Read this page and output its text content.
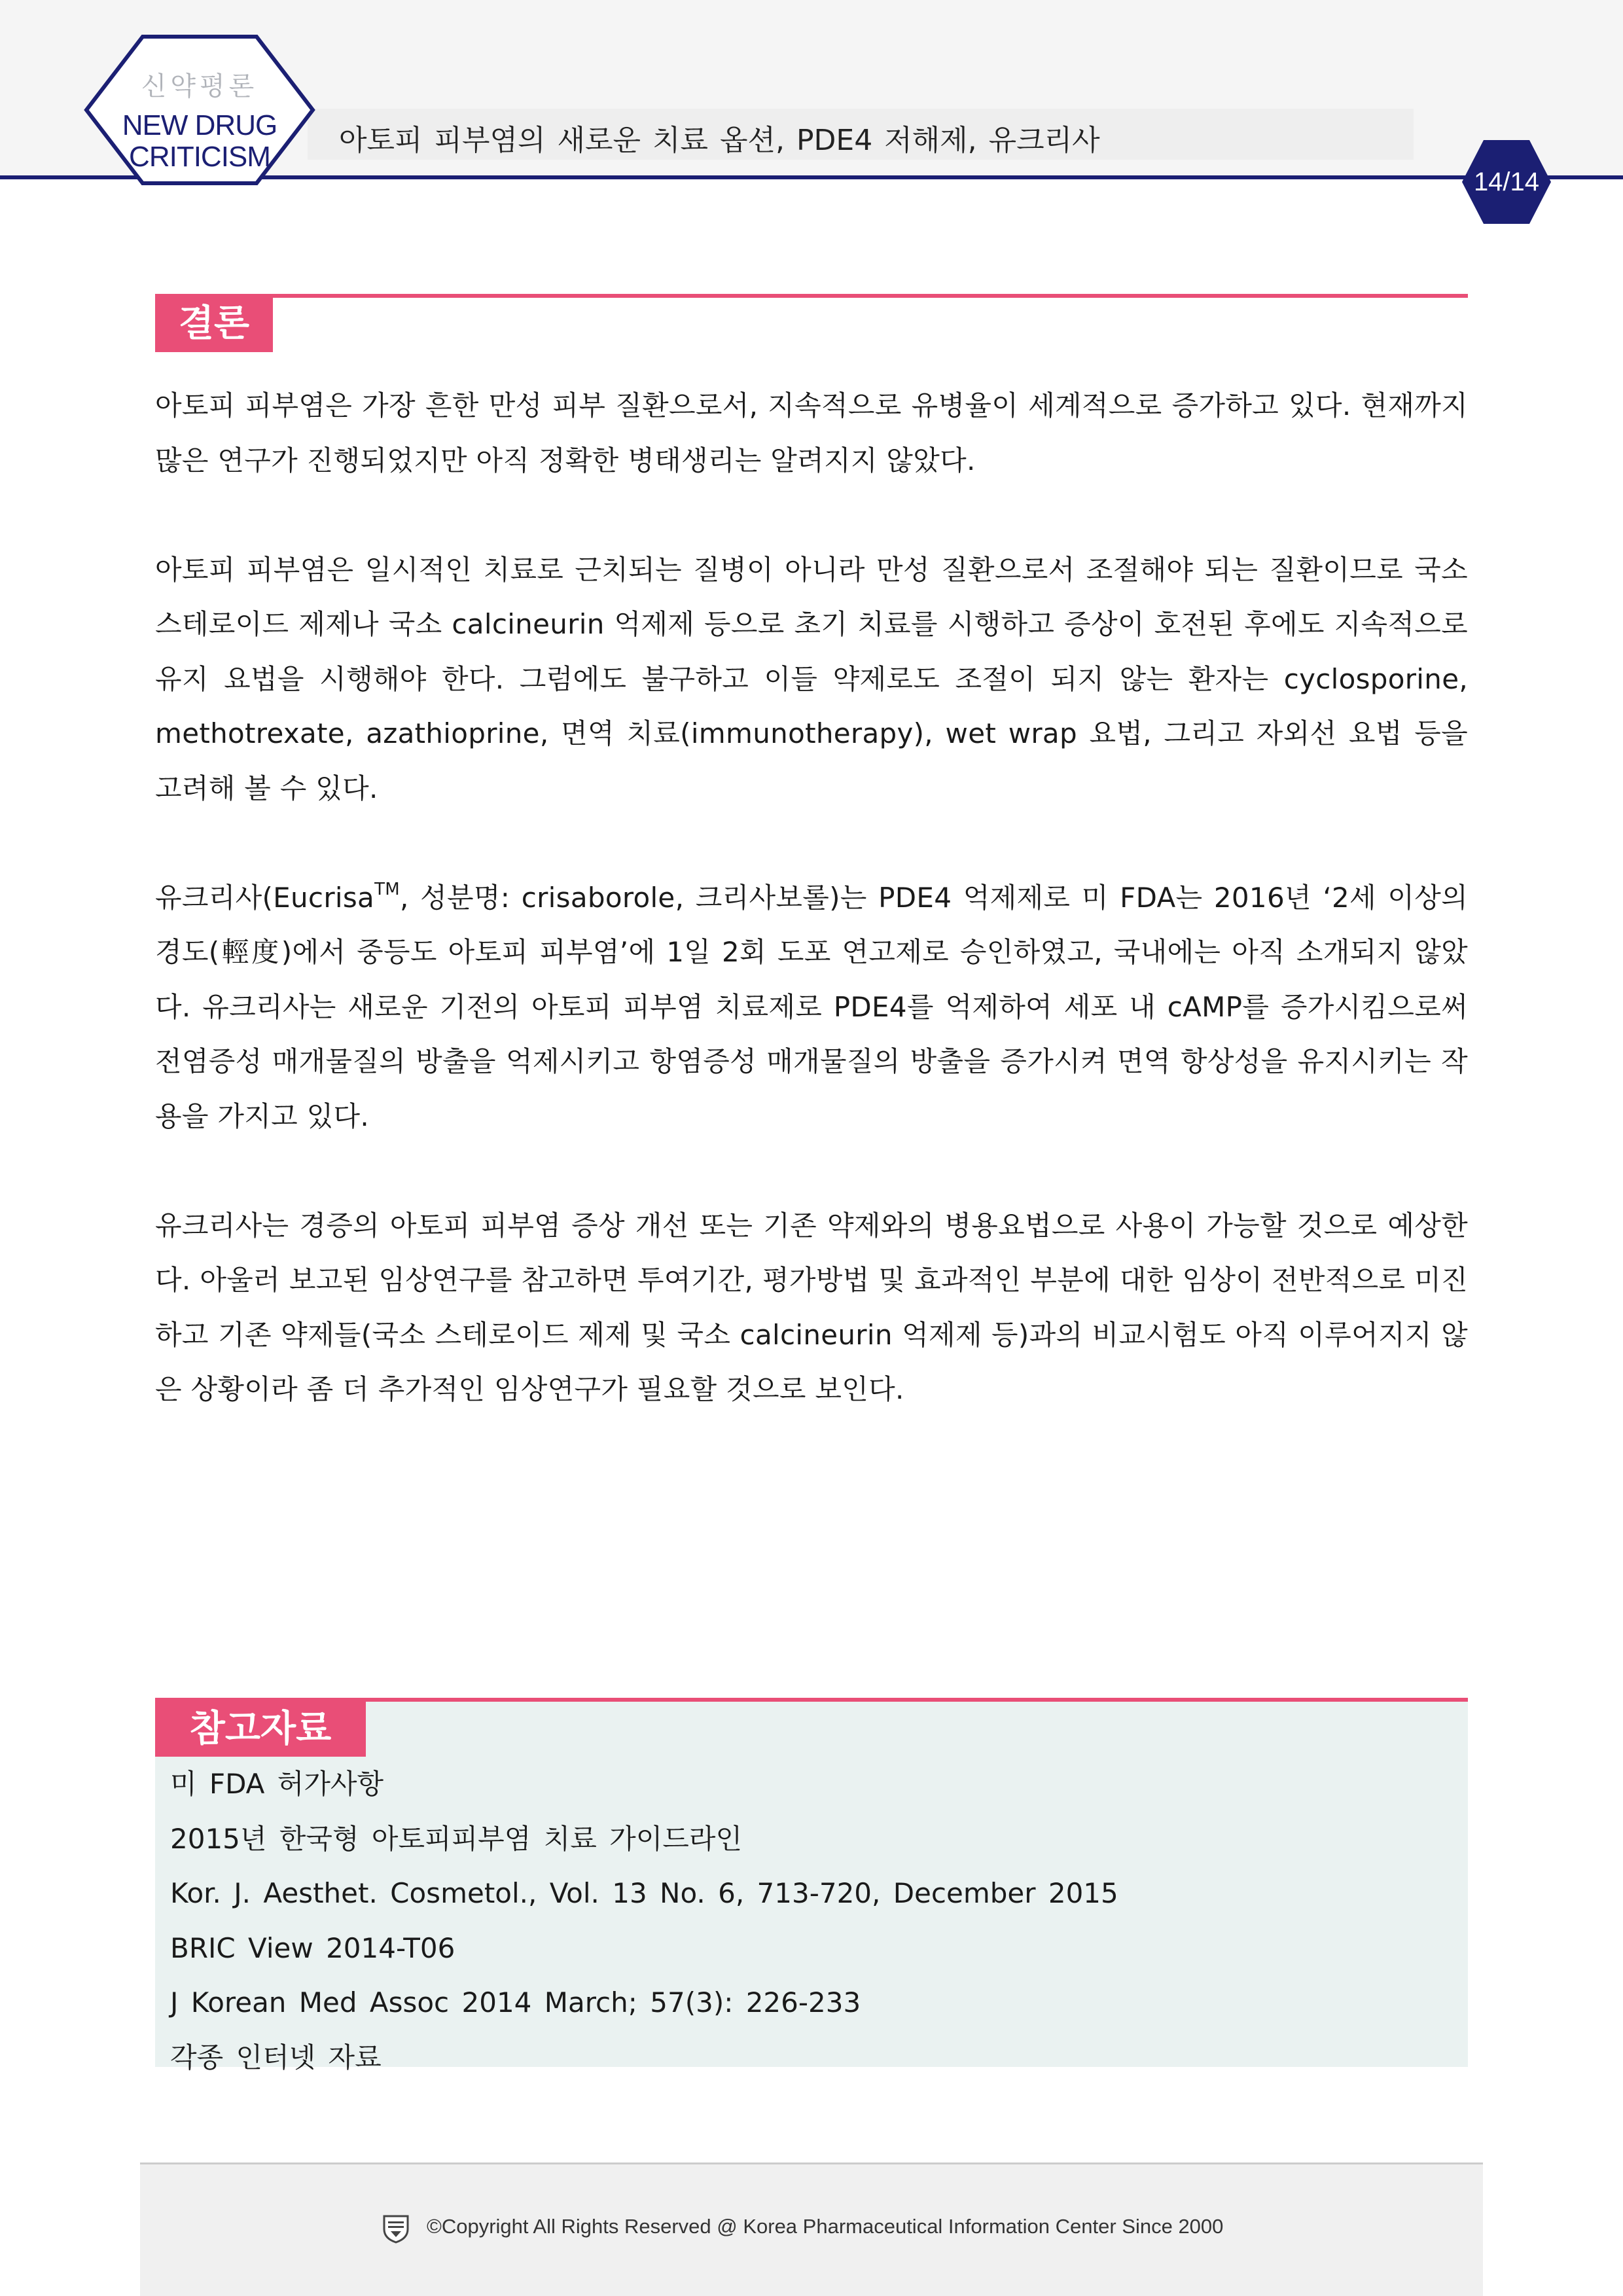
신약평론
NEW DRUG
CRITICISM	아토피 피부염의 새로운 치료 옵션, PDE4 저해제, 유크리사
14/14
결론

아토피 피부염은 가장 흔한 만성 피부 질환으로서, 지속적으로 유병율이 세계적으로 증가하고 있다. 현재까지 많은 연구가 진행되었지만 아직 정확한 병태생리는 알려지지 않았다.

아토피 피부염은 일시적인 치료로 근치되는 질병이 아니라 만성 질환으로서 조절해야 되는 질환이므로 국소 스테로이드 제제나 국소 calcineurin 억제제 등으로 초기 치료를 시행하고 증상이 호전된 후에도 지속적으로 유지 요법을 시행해야 한다. 그럼에도 불구하고 이들 약제로도 조절이 되지 않는 환자는 cyclosporine, methotrexate, azathioprine, 면역 치료(immunotherapy), wet wrap 요법, 그리고 자외선 요법 등을 고려해 볼 수 있다.

유크리사(Eucrisa™, 성분명: crisaborole, 크리사보롤)는 PDE4 억제제로 미 FDA는 2016년 ‘2세 이상의 경도(輕度)에서 중등도 아토피 피부염’에 1일 2회 도포 연고제로 승인하였고, 국내에는 아직 소개되지 않았다. 유크리사는 새로운 기전의 아토피 피부염 치료제로 PDE4를 억제하여 세포 내 cAMP를 증가시킴으로써 전염증성 매개물질의 방출을 억제시키고 항염증성 매개물질의 방출을 증가시켜 면역 항상성을 유지시키는 작용을 가지고 있다.

유크리사는 경증의 아토피 피부염 증상 개선 또는 기존 약제와의 병용요법으로 사용이 가능할 것으로 예상한다. 아울러 보고된 임상연구를 참고하면 투여기간, 평가방법 및 효과적인 부분에 대한 임상이 전반적으로 미진하고 기존 약제들(국소 스테로이드 제제 및 국소 calcineurin 억제제 등)과의 비교시험도 아직 이루어지지 않은 상황이라 좀 더 추가적인 임상연구가 필요할 것으로 보인다.

참고자료
미 FDA 허가사항
2015년 한국형 아토피피부염 치료 가이드라인
Kor. J. Aesthet. Cosmetol., Vol. 13 No. 6, 713-720, December 2015
BRIC View 2014-T06
J Korean Med Assoc 2014 March; 57(3): 226-233
각종 인터넷 자료
©Copyright All Rights Reserved @ Korea Pharmaceutical Information Center Since 2000
